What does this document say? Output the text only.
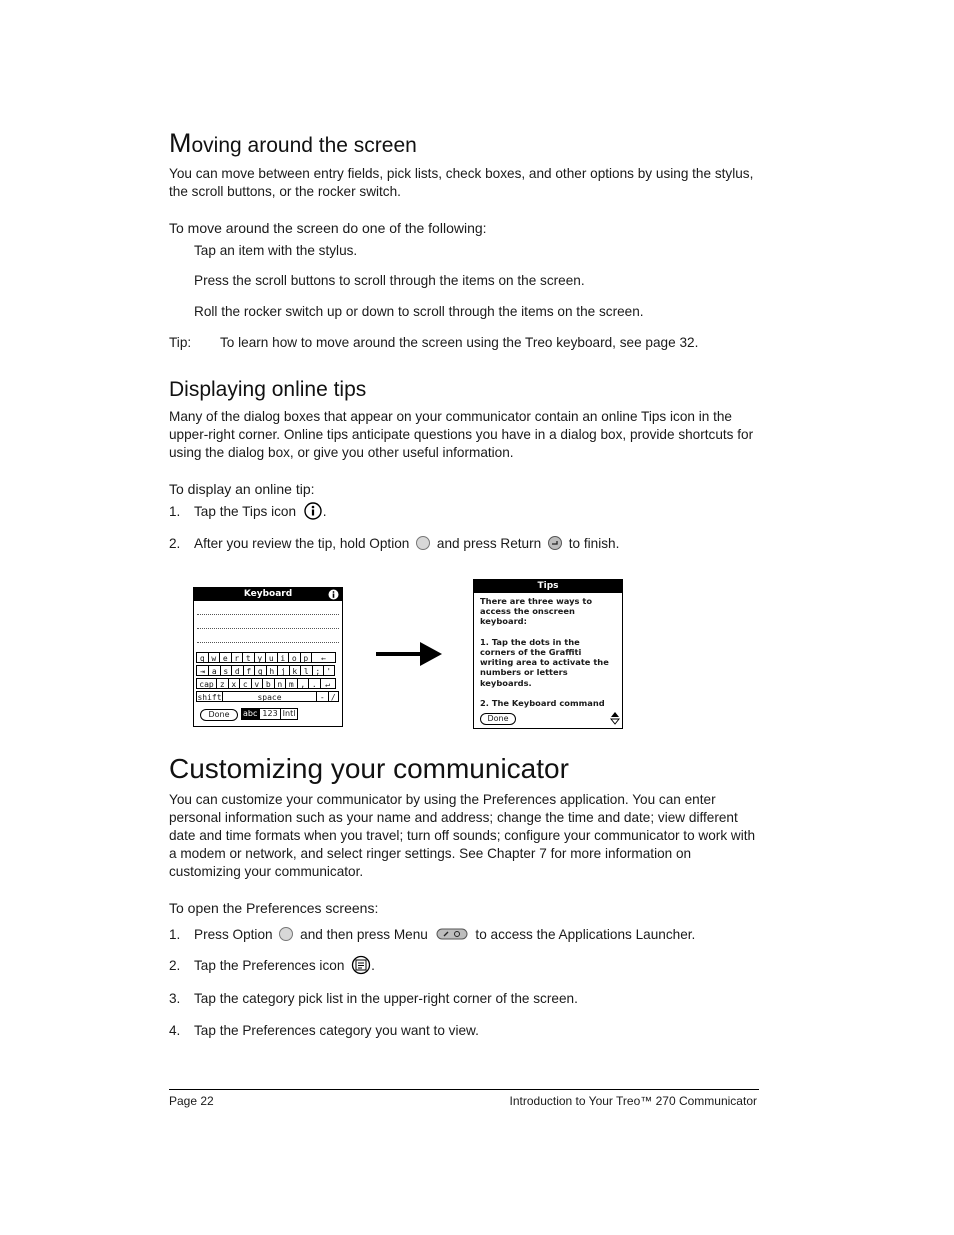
Moving around the screen
You can move between entry fields, pick lists, check boxes, and other options by using the stylus, the scroll buttons, or the rocker switch.
To move around the screen do one of the following:
Tap an item with the stylus.
Press the scroll buttons to scroll through the items on the screen.
Roll the rocker switch up or down to scroll through the items on the screen.
Tip: To learn how to move around the screen using the Treo keyboard, see page 32.
Displaying online tips
Many of the dialog boxes that appear on your communicator contain an online Tips icon in the upper-right corner. Online tips anticipate questions you have in a dialog box, provide shortcuts for using the dialog box, or give you other useful information.
To display an online tip:
1. Tap the Tips icon .
2. After you review the tip, hold Option and press Return to finish.
Keyboard
q w e r t y u i o p	←
⇥ a s d f g h j k l ; '
cap z x c v b n m , .	↵
shift	space	- /
Done	abc 123 Intl
Tips
There are three ways to
access the onscreen
keyboard:

1. Tap the dots in the
corners of the Graffiti
writing area to activate the
numbers or letters
keyboards.

2. The Keyboard command
Done
Customizing your communicator
You can customize your communicator by using the Preferences application. You can enter personal information such as your name and address; change the time and date; view different date and time formats when you travel; turn off sounds; configure your communicator to work with a modem or network, and select ringer settings. See Chapter 7 for more information on customizing your communicator.
To open the Preferences screens:
1. Press Option and then press Menu	to access the Applications Launcher.
2. Tap the Preferences icon .
3. Tap the category pick list in the upper-right corner of the screen.
4. Tap the Preferences category you want to view.
Page 22	Introduction to Your Treo™ 270 Communicator
